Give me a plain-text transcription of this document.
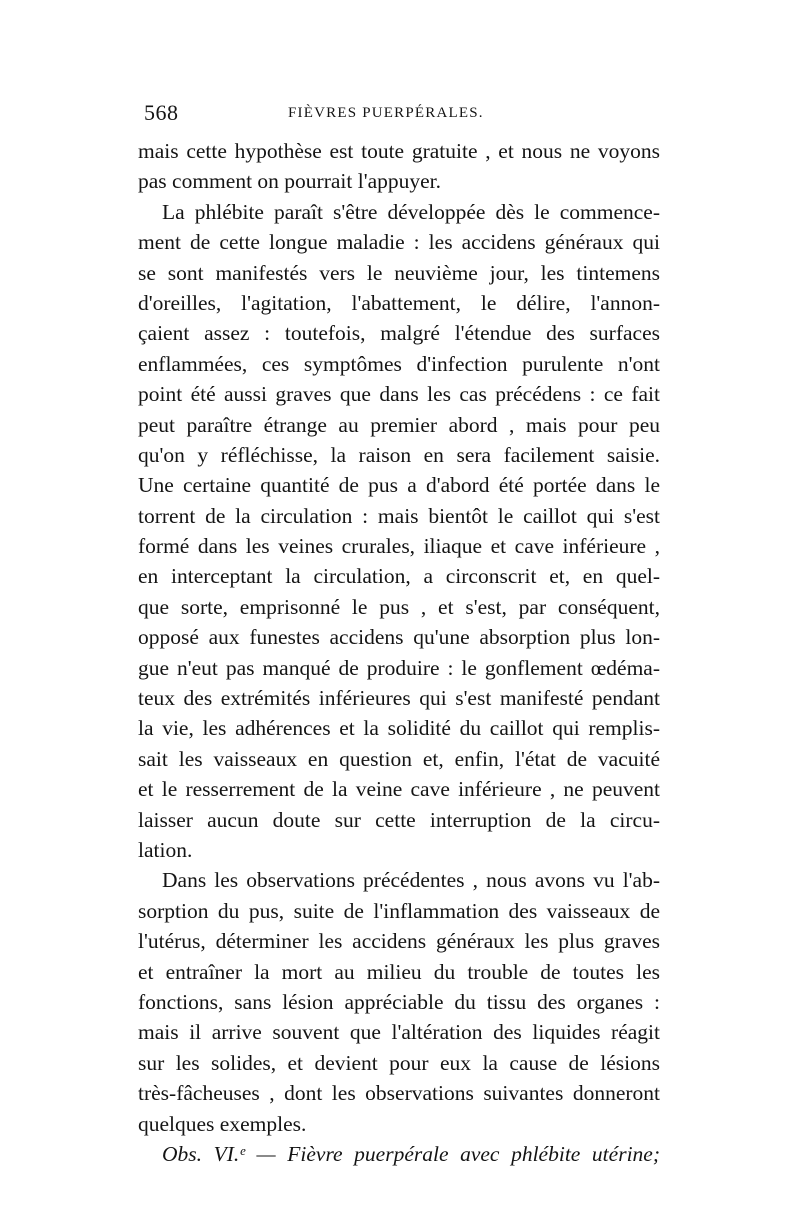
568	FIÈVRES PUERPÉRALES.
mais cette hypothèse est toute gratuite , et nous ne voyons
pas comment on pourrait l'appuyer.
La phlébite paraît s'être développée dès le commence-
ment de cette longue maladie : les accidens généraux qui
se sont manifestés vers le neuvième jour, les tintemens
d'oreilles, l'agitation, l'abattement, le délire, l'annon-
çaient assez : toutefois, malgré l'étendue des surfaces
enflammées, ces symptômes d'infection purulente n'ont
point été aussi graves que dans les cas précédens : ce fait
peut paraître étrange au premier abord , mais pour peu
qu'on y réfléchisse, la raison en sera facilement saisie.
Une certaine quantité de pus a d'abord été portée dans le
torrent de la circulation : mais bientôt le caillot qui s'est
formé dans les veines crurales, iliaque et cave inférieure ,
en interceptant la circulation, a circonscrit et, en quel-
que sorte, emprisonné le pus , et s'est, par conséquent,
opposé aux funestes accidens qu'une absorption plus lon-
gue n'eut pas manqué de produire : le gonflement œdéma-
teux des extrémités inférieures qui s'est manifesté pendant
la vie, les adhérences et la solidité du caillot qui remplis-
sait les vaisseaux en question et, enfin, l'état de vacuité
et le resserrement de la veine cave inférieure , ne peuvent
laisser aucun doute sur cette interruption de la circu-
lation.
Dans les observations précédentes , nous avons vu l'ab-
sorption du pus, suite de l'inflammation des vaisseaux de
l'utérus, déterminer les accidens généraux les plus graves
et entraîner la mort au milieu du trouble de toutes les
fonctions, sans lésion appréciable du tissu des organes :
mais il arrive souvent que l'altération des liquides réagit
sur les solides, et devient pour eux la cause de lésions
très-fâcheuses , dont les observations suivantes donneront
quelques exemples.
Obs. VI.ᵉ — Fièvre puerpérale avec phlébite utérine;
